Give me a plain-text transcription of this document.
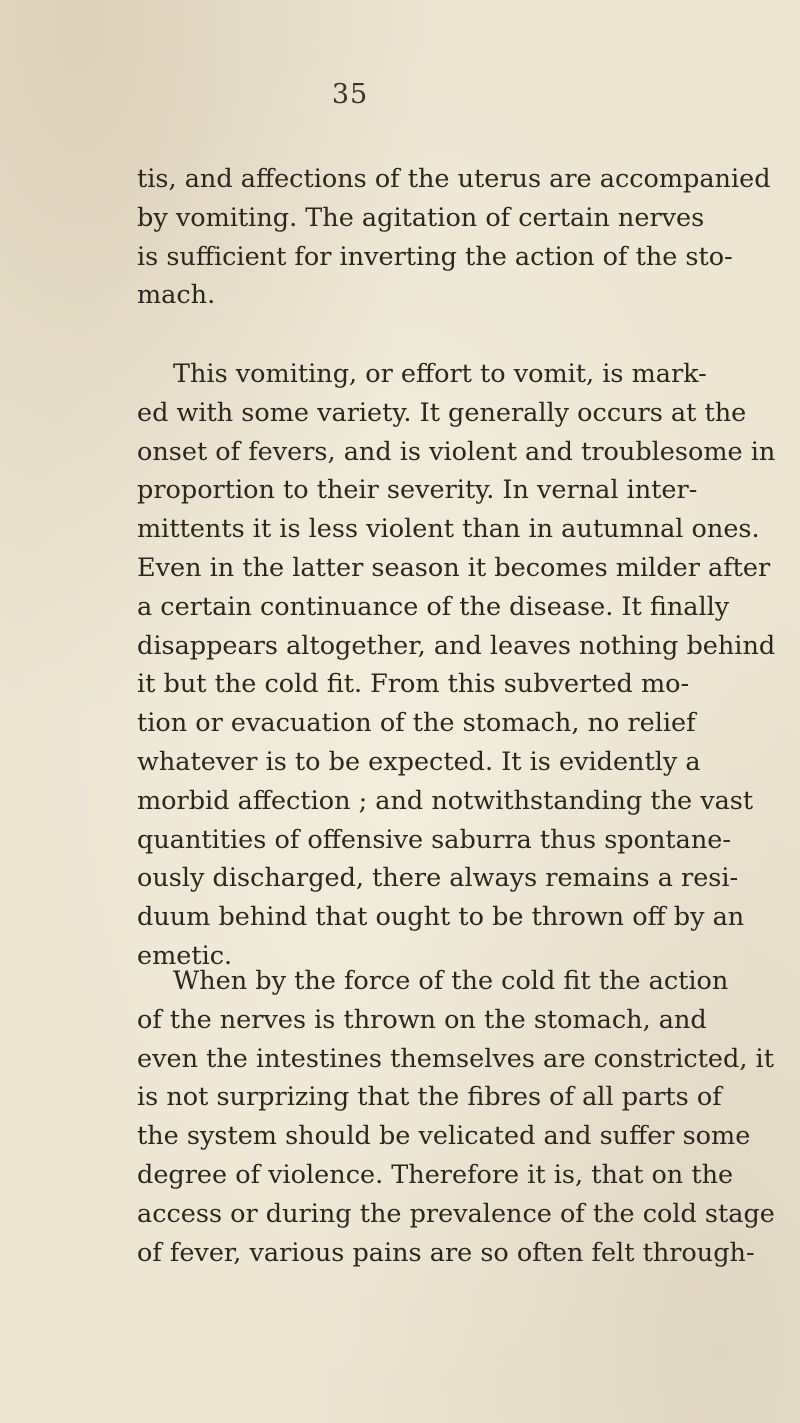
35
tis, and affections of the uterus are accompanied
by vomiting. The agitation of certain nerves
is sufficient for inverting the action of the sto-
mach.
This vomiting, or effort to vomit, is mark-
ed with some variety. It generally occurs at the
onset of fevers, and is violent and troublesome in
proportion to their severity. In vernal inter-
mittents it is less violent than in autumnal ones.
Even in the latter season it becomes milder after
a certain continuance of the disease. It finally
disappears altogether, and leaves nothing behind
it but the cold fit. From this subverted mo-
tion or evacuation of the stomach, no relief
whatever is to be expected. It is evidently a
morbid affection ; and notwithstanding the vast
quantities of offensive saburra thus spontane-
ously discharged, there always remains a resi-
duum behind that ought to be thrown off by an
emetic.
When by the force of the cold fit the action
of the nerves is thrown on the stomach, and
even the intestines themselves are constricted, it
is not surprizing that the fibres of all parts of
the system should be velicated and suffer some
degree of violence. Therefore it is, that on the
access or during the prevalence of the cold stage
of fever, various pains are so often felt through-
